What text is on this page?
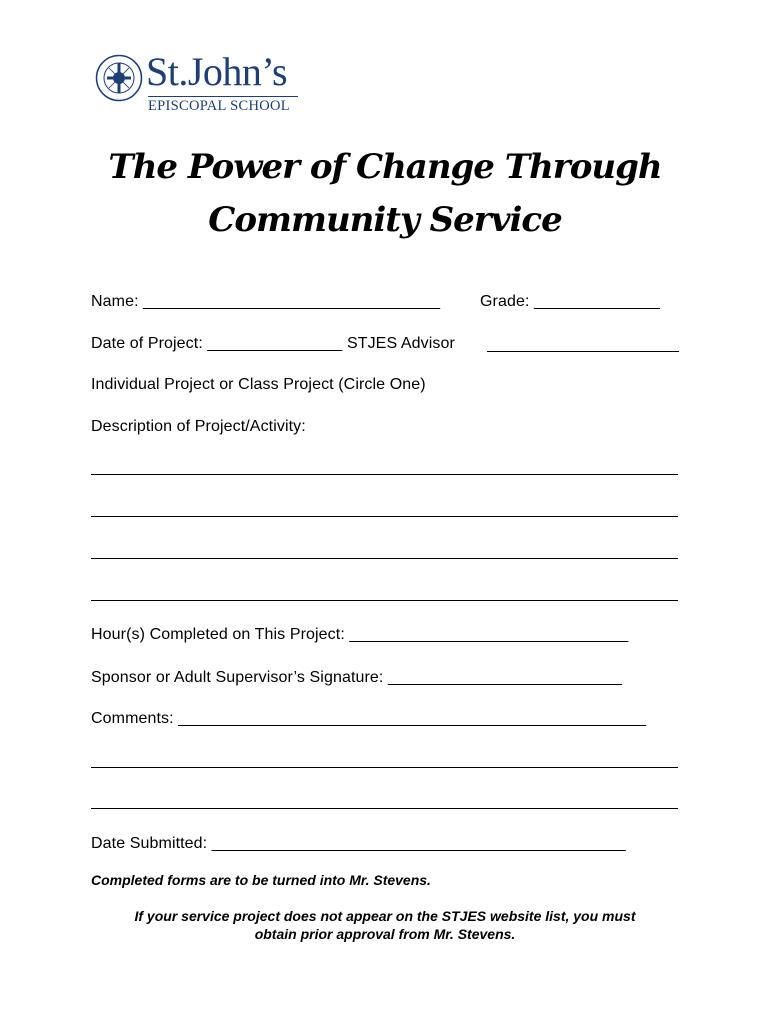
St.John’s
EPISCOPAL SCHOOL
The Power of Change Through
Community Service
Name: _________________________________ Grade: ______________
Date of Project: _______________ STJES Advisor
Individual Project or Class Project (Circle One)
Description of Project/Activity:
Hour(s) Completed on This Project: _______________________________
Sponsor or Adult Supervisor’s Signature: __________________________
Comments: ____________________________________________________
Date Submitted: ______________________________________________
Completed forms are to be turned into Mr. Stevens.
If your service project does not appear on the STJES website list, you must
obtain prior approval from Mr. Stevens.
